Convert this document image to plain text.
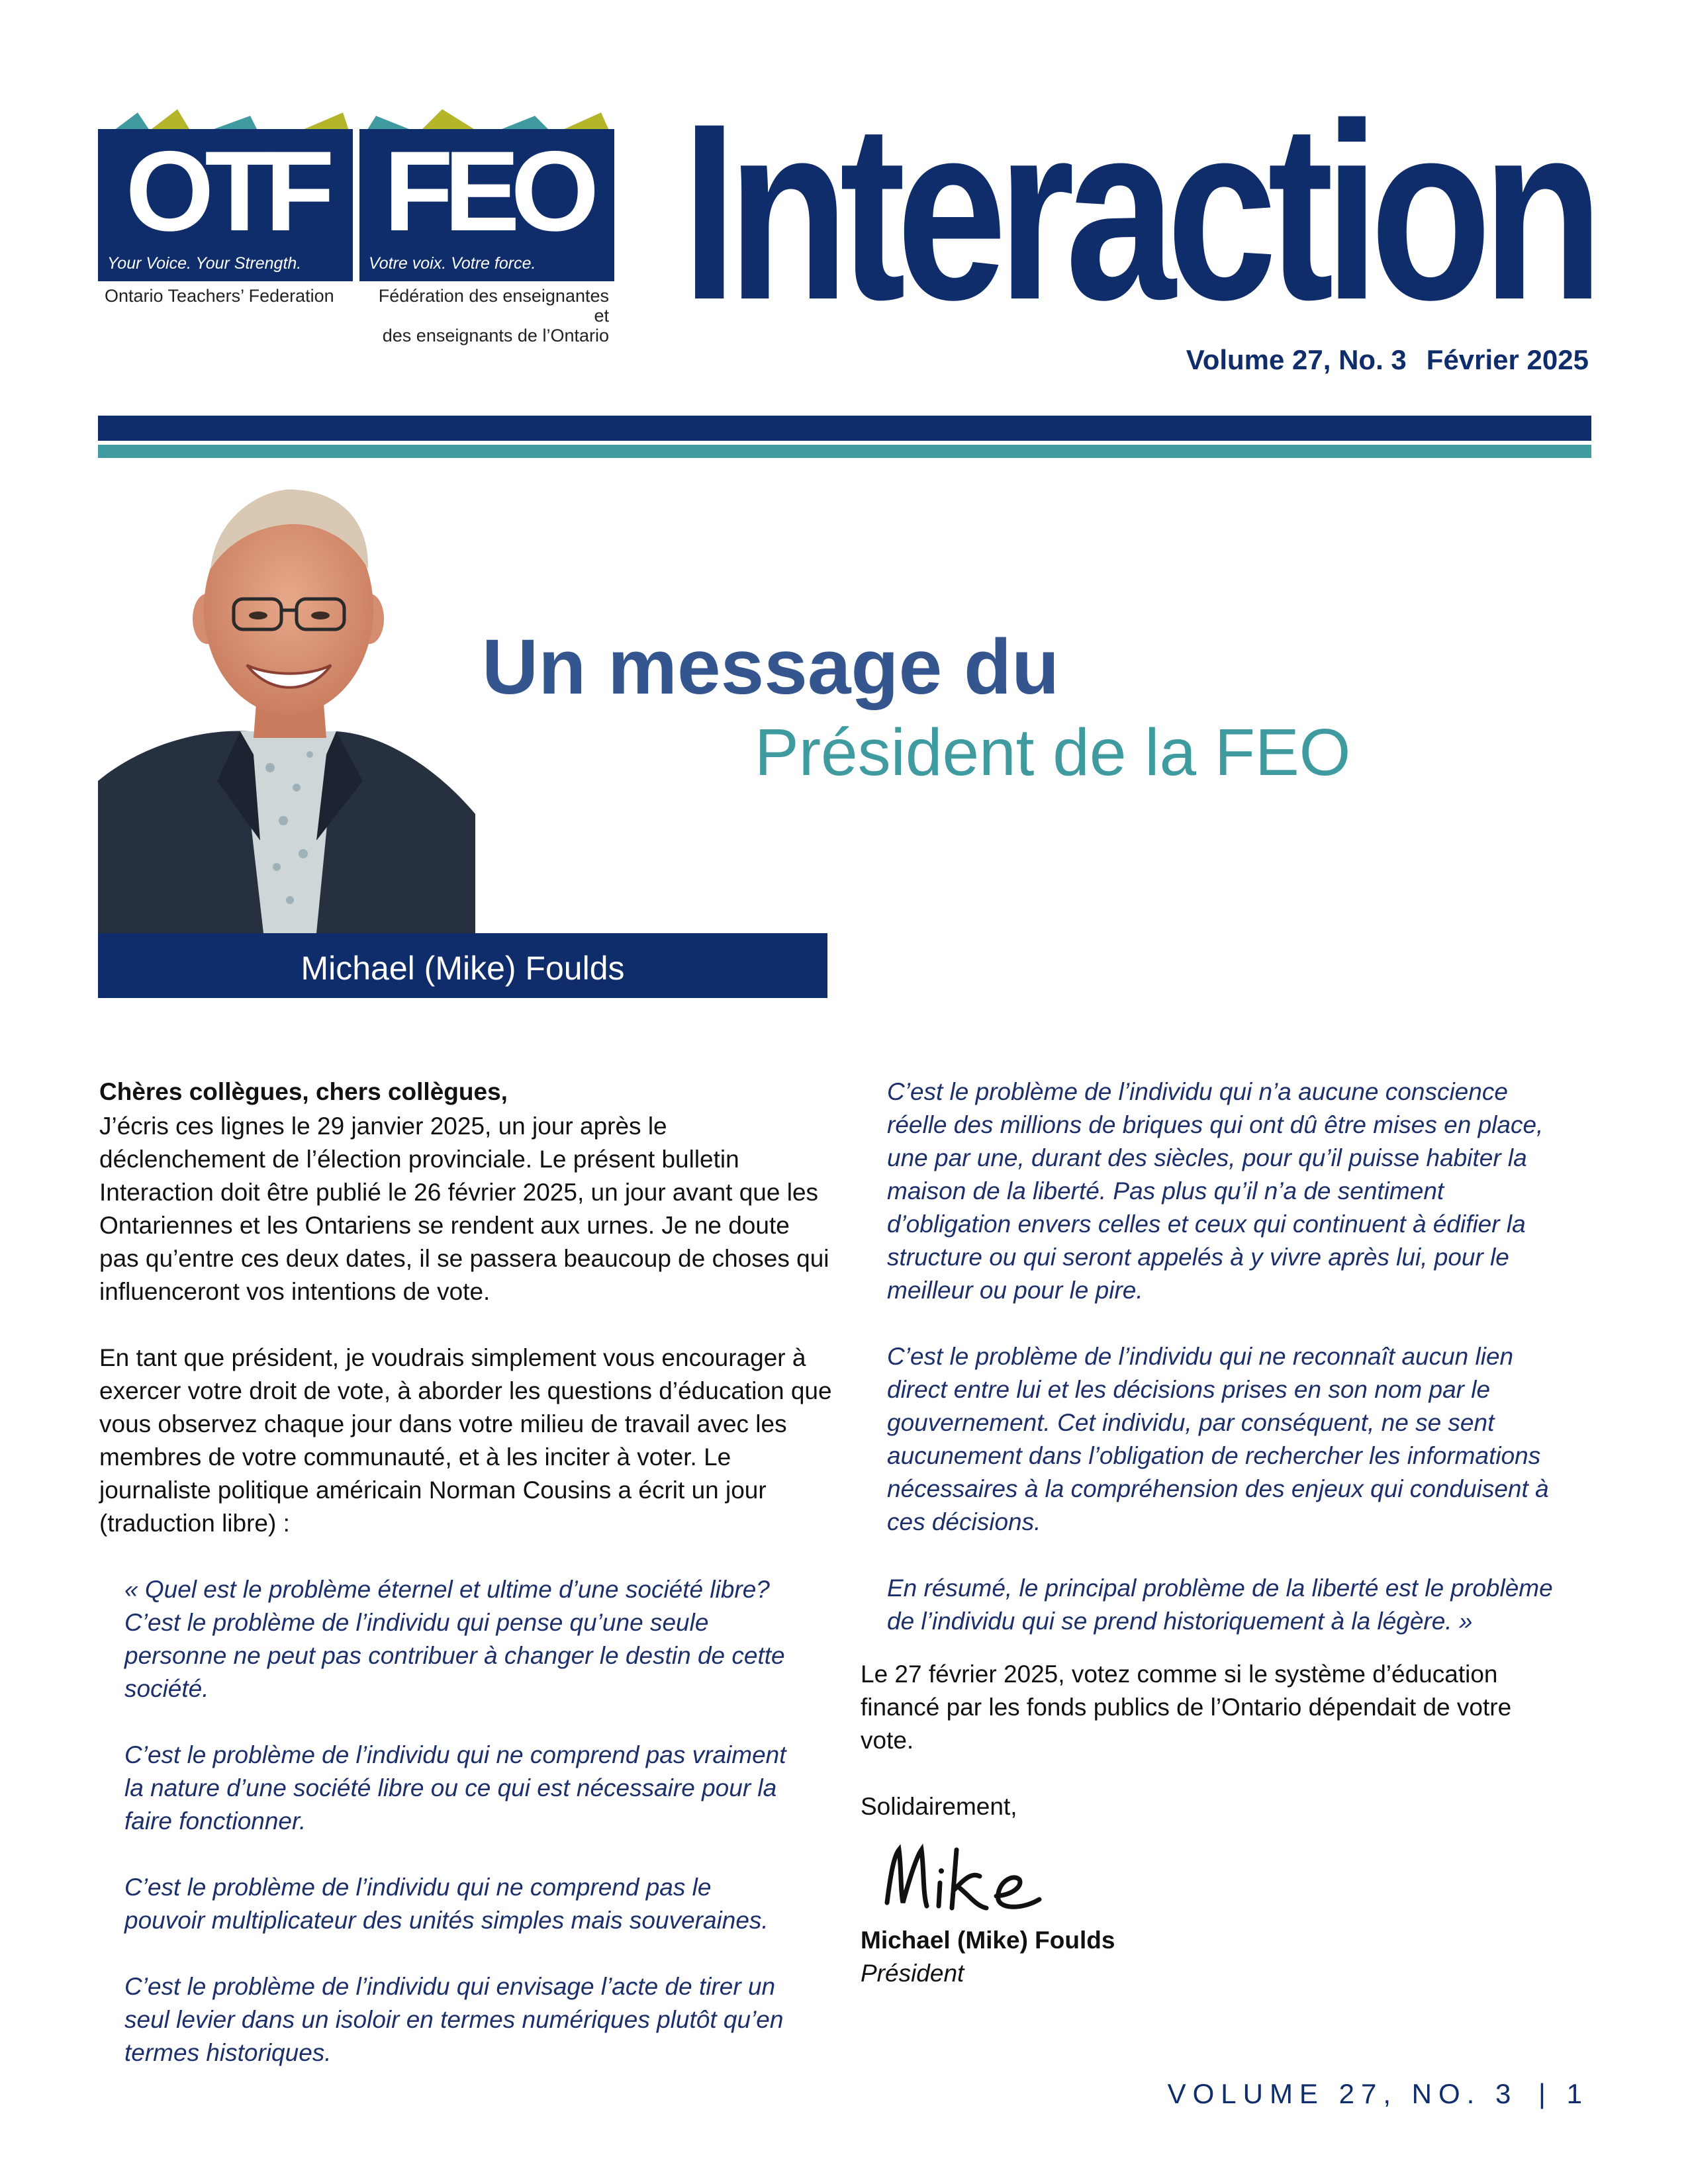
OTF
Your Voice. Your Strength.
FEO
Votre voix. Votre force.
Ontario Teachers’ Federation	Fédération des enseignantes et
des enseignants de l’Ontario Interaction
Volume 27, No. 3 Février 2025
Michael (Mike) Foulds
Un message du
Président de la FEO

Chères collègues, chers collègues,

J’écris ces lignes le 29 janvier 2025, un jour après le déclenchement de l’élection provinciale. Le présent bulletin Interaction doit être publié le 26 février 2025, un jour avant que les Ontariennes et les Ontariens se rendent aux urnes. Je ne doute pas qu’entre ces deux dates, il se passera beaucoup de choses qui influenceront vos intentions de vote.

En tant que président, je voudrais simplement vous encourager à exercer votre droit de vote, à aborder les questions d’éducation que vous observez chaque jour dans votre milieu de travail avec les membres de votre communauté, et à les inciter à voter. Le journaliste politique américain Norman Cousins a écrit un jour (traduction libre) :

« Quel est le problème éternel et ultime d’une société libre? C’est le problème de l’individu qui pense qu’une seule personne ne peut pas contribuer à changer le destin de cette société.

C’est le problème de l’individu qui ne comprend pas vraiment la nature d’une société libre ou ce qui est nécessaire pour la faire fonctionner.

C’est le problème de l’individu qui ne comprend pas le pouvoir multiplicateur des unités simples mais souveraines.

C’est le problème de l’individu qui envisage l’acte de tirer un seul levier dans un isoloir en termes numériques plutôt qu’en termes historiques.

C’est le problème de l’individu qui n’a aucune conscience réelle des millions de briques qui ont dû être mises en place, une par une, durant des siècles, pour qu’il puisse habiter la maison de la liberté. Pas plus qu’il n’a de sentiment d’obligation envers celles et ceux qui continuent à édifier la structure ou qui seront appelés à y vivre après lui, pour le meilleur ou pour le pire.

C’est le problème de l’individu qui ne reconnaît aucun lien direct entre lui et les décisions prises en son nom par le gouvernement. Cet individu, par conséquent, ne se sent aucunement dans l’obligation de rechercher les informations nécessaires à la compréhension des enjeux qui conduisent à ces décisions.

En résumé, le principal problème de la liberté est le problème de l’individu qui se prend historiquement à la légère. »

Le 27 février 2025, votez comme si le système d’éducation financé par les fonds publics de l’Ontario dépendait de votre vote.

Solidairement,

Michael (Mike) Foulds

Président

VOLUME 27, NO. 3 | 1
